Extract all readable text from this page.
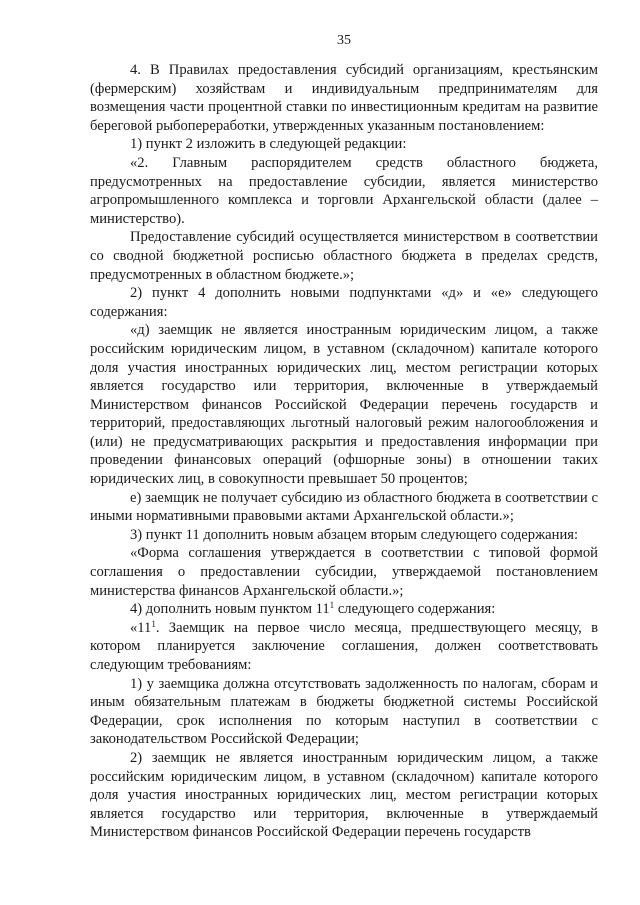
35

4. В Правилах предоставления субсидий организациям, крестьянским (фермерским) хозяйствам и индивидуальным предпринимателям для возмещения части процентной ставки по инвестиционным кредитам на развитие береговой рыбопереработки, утвержденных указанным постановлением:

1) пункт 2 изложить в следующей редакции:

«2. Главным распорядителем средств областного бюджета, предусмотренных на предоставление субсидии, является министерство агропромышленного комплекса и торговли Архангельской области (далее – министерство).

Предоставление субсидий осуществляется министерством в соответствии со сводной бюджетной росписью областного бюджета в пределах средств, предусмотренных в областном бюджете.»;

2) пункт 4 дополнить новыми подпунктами «д» и «е» следующего содержания:

«д) заемщик не является иностранным юридическим лицом, а также российским юридическим лицом, в уставном (складочном) капитале которого доля участия иностранных юридических лиц, местом регистрации которых является государство или территория, включенные в утверждаемый Министерством финансов Российской Федерации перечень государств и территорий, предоставляющих льготный налоговый режим налогообложения и (или) не предусматривающих раскрытия и предоставления информации при проведении финансовых операций (офшорные зоны) в отношении таких юридических лиц, в совокупности превышает 50 процентов;

е) заемщик не получает субсидию из областного бюджета в соответствии с иными нормативными правовыми актами Архангельской области.»;

3) пункт 11 дополнить новым абзацем вторым следующего содержания:

«Форма соглашения утверждается в соответствии с типовой формой соглашения о предоставлении субсидии, утверждаемой постановлением министерства финансов Архангельской области.»;

4) дополнить новым пунктом $11^1$ следующего содержания:

«$11^1$. Заемщик на первое число месяца, предшествующего месяцу, в котором планируется заключение соглашения, должен соответствовать следующим требованиям:

1) у заемщика должна отсутствовать задолженность по налогам, сборам и иным обязательным платежам в бюджеты бюджетной системы Российской Федерации, срок исполнения по которым наступил в соответствии с законодательством Российской Федерации;

2) заемщик не является иностранным юридическим лицом, а также российским юридическим лицом, в уставном (складочном) капитале которого доля участия иностранных юридических лиц, местом регистрации которых является государство или территория, включенные в утверждаемый Министерством финансов Российской Федерации перечень государств
